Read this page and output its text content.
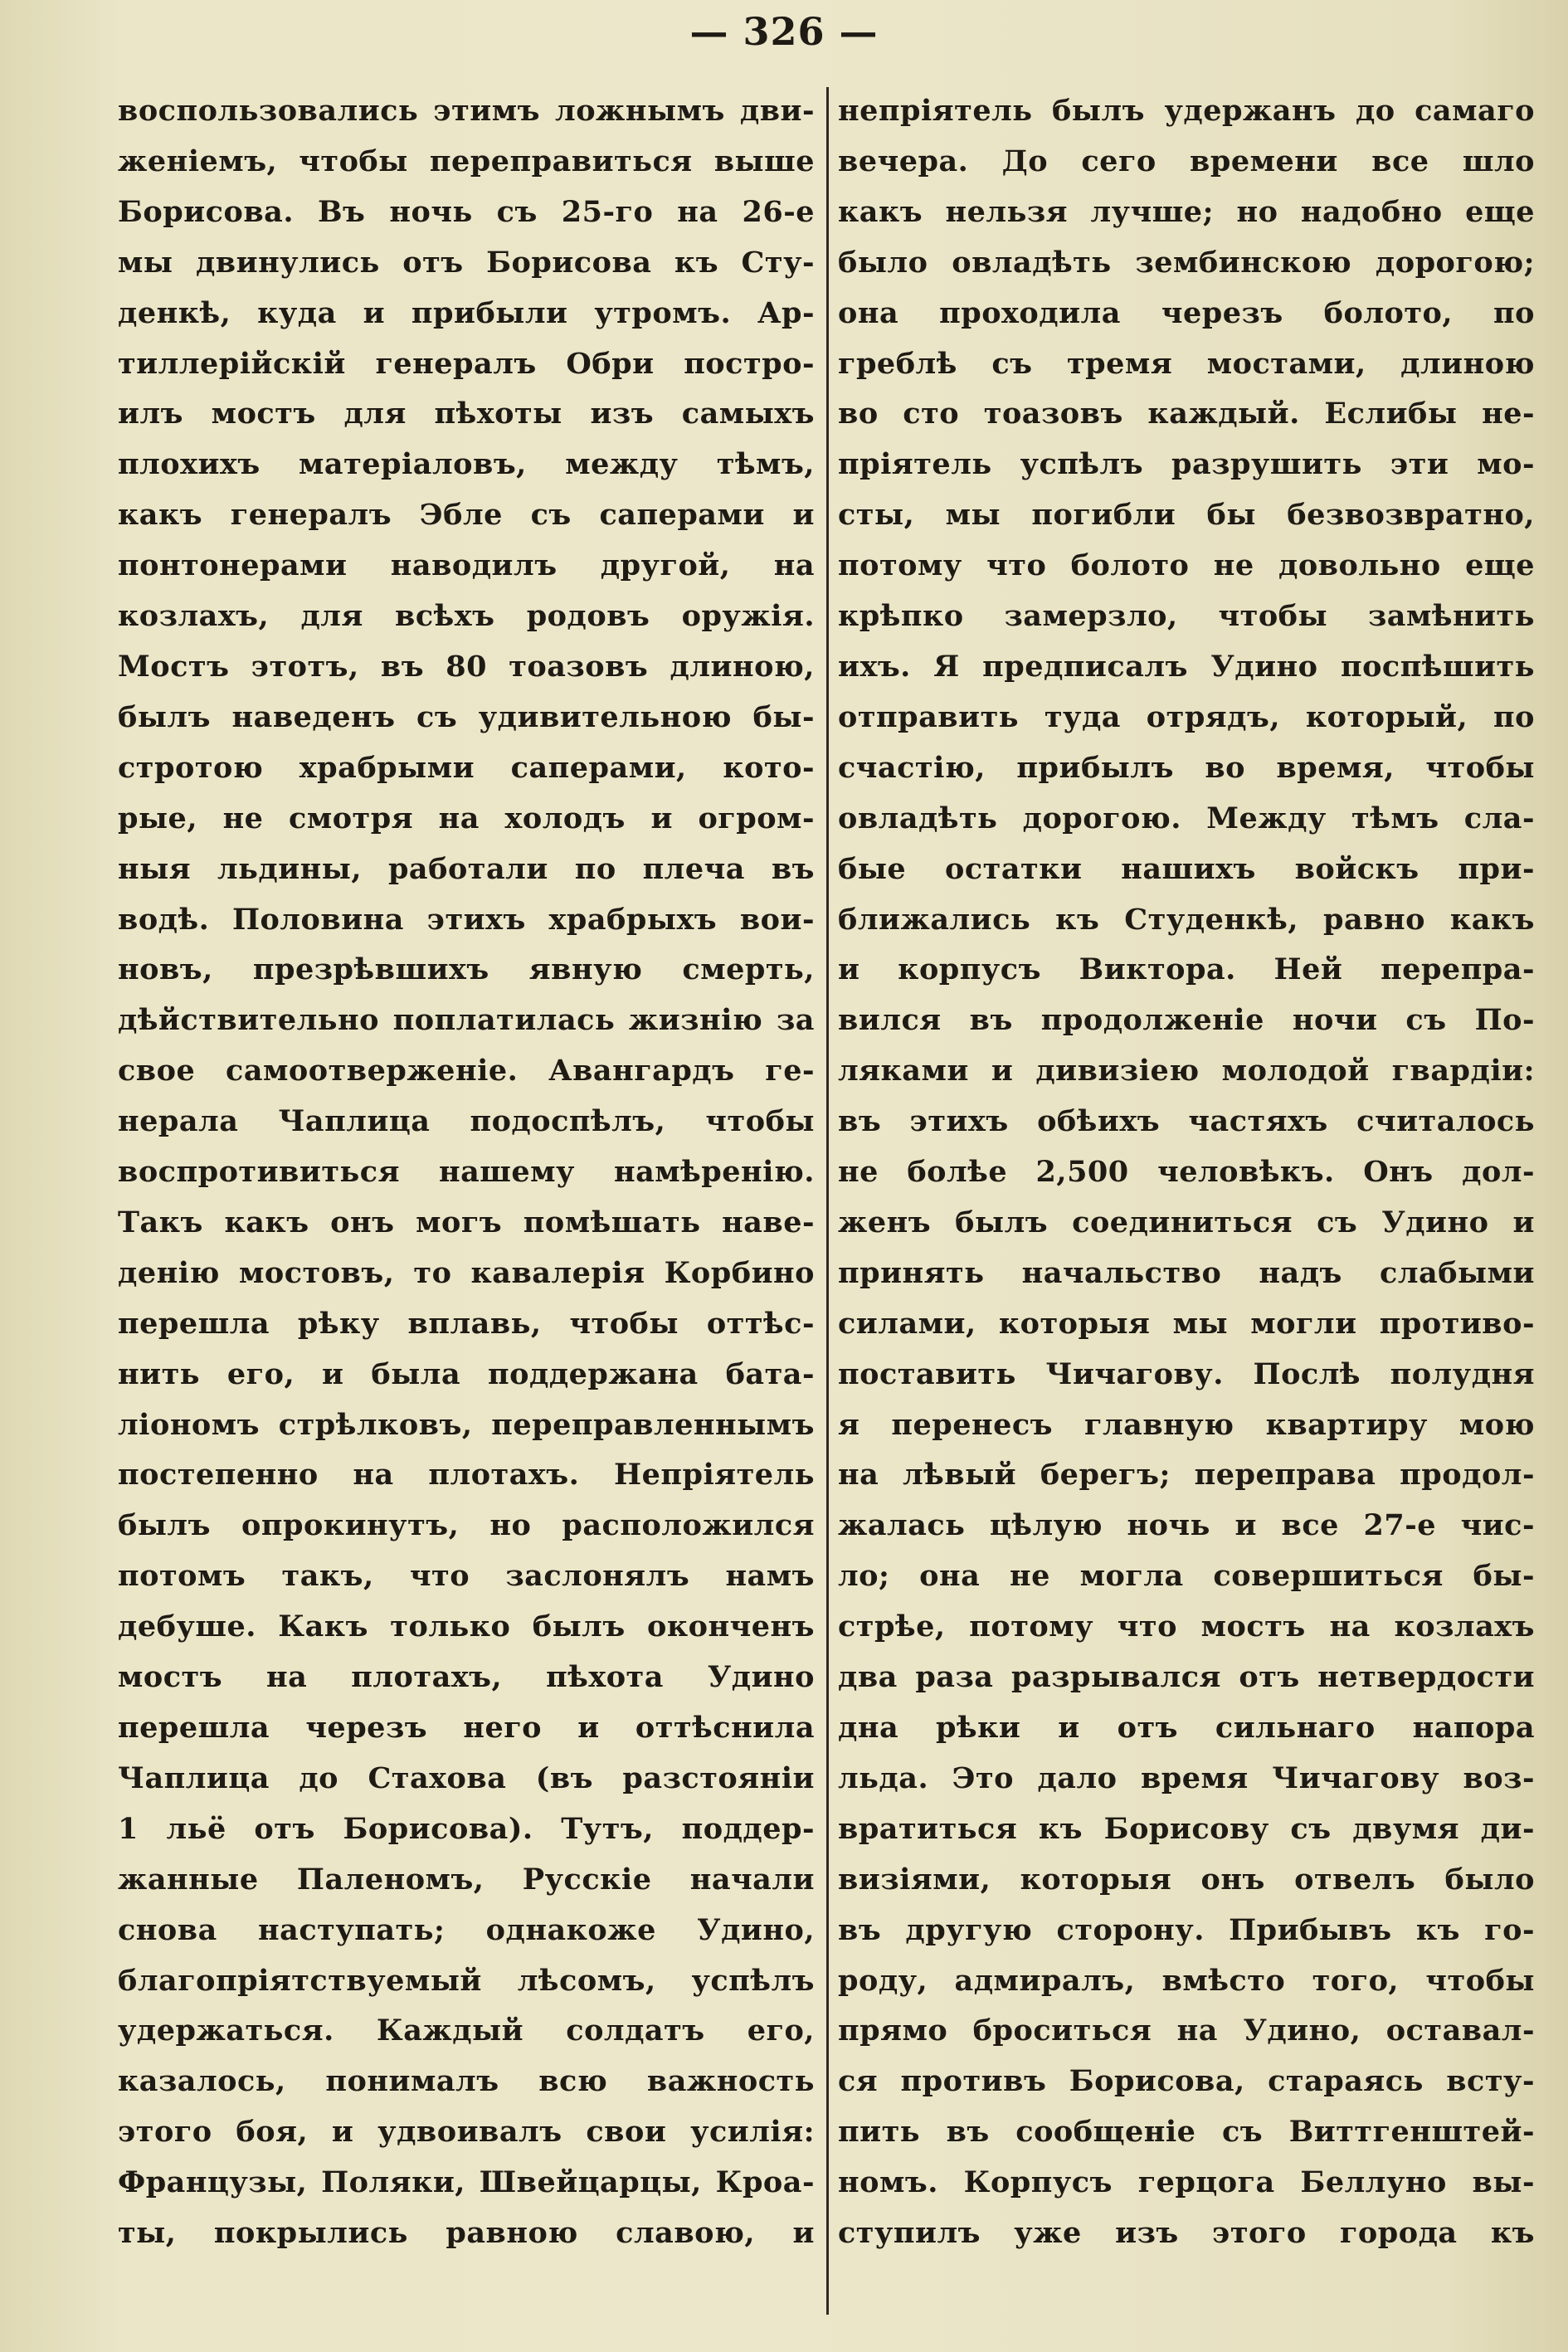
— 326 —
воспользовались этимъ ложнымъ дви-
женіемъ, чтобы переправиться выше
Борисова. Въ ночь съ 25-го на 26-е
мы двинулись отъ Борисова къ Сту-
денкѣ, куда и прибыли утромъ. Ар-
тиллерійскій генералъ Обри постро-
илъ мостъ для пѣхоты изъ самыхъ
плохихъ матеріаловъ, между тѣмъ,
какъ генералъ Эбле съ саперами и
понтонерами наводилъ другой, на
козлахъ, для всѣхъ родовъ оружія.
Мостъ этотъ, въ 80 тоазовъ длиною,
былъ наведенъ съ удивительною бы-
стротою храбрыми саперами, кото-
рые, не смотря на холодъ и огром-
ныя льдины, работали по плеча въ
водѣ. Половина этихъ храбрыхъ вои-
новъ, презрѣвшихъ явную смерть,
дѣйствительно поплатилась жизнію за
свое самоотверженіе. Авангардъ ге-
нерала Чаплица подоспѣлъ, чтобы
воспротивиться нашему намѣренію.
Такъ какъ онъ могъ помѣшать наве-
денію мостовъ, то кавалерія Корбино
перешла рѣку вплавь, чтобы оттѣс-
нить его, и была поддержана бата-
ліономъ стрѣлковъ, переправленнымъ
постепенно на плотахъ. Непріятель
былъ опрокинутъ, но расположился
потомъ такъ, что заслонялъ намъ
дебуше. Какъ только былъ оконченъ
мостъ на плотахъ, пѣхота Удино
перешла черезъ него и оттѣснила
Чаплица до Стахова (въ разстояніи
1 льё отъ Борисова). Тутъ, поддер-
жанные Паленомъ, Русскіе начали
снова наступать; однакоже Удино,
благопріятствуемый лѣсомъ, успѣлъ
удержаться. Каждый солдатъ его,
казалось, понималъ всю важность
этого боя, и удвоивалъ свои усилія:
Французы, Поляки, Швейцарцы, Кроа-
ты, покрылись равною славою, и
непріятель былъ удержанъ до самаго
вечера. До сего времени все шло
какъ нельзя лучше; но надобно еще
было овладѣть зембинскою дорогою;
она проходила черезъ болото, по
греблѣ съ тремя мостами, длиною
во сто тоазовъ каждый. Еслибы не-
пріятель успѣлъ разрушить эти мо-
сты, мы погибли бы безвозвратно,
потому что болото не довольно еще
крѣпко замерзло, чтобы замѣнить
ихъ. Я предписалъ Удино поспѣшить
отправить туда отрядъ, который, по
счастію, прибылъ во время, чтобы
овладѣть дорогою. Между тѣмъ сла-
бые остатки нашихъ войскъ при-
ближались къ Студенкѣ, равно какъ
и корпусъ Виктора. Ней перепра-
вился въ продолженіе ночи съ По-
ляками и дивизіею молодой гвардіи:
въ этихъ обѣихъ частяхъ считалось
не болѣе 2,500 человѣкъ. Онъ дол-
женъ былъ соединиться съ Удино и
принять начальство надъ слабыми
силами, которыя мы могли противо-
поставить Чичагову. Послѣ полудня
я перенесъ главную квартиру мою
на лѣвый берегъ; переправа продол-
жалась цѣлую ночь и все 27-е чис-
ло; она не могла совершиться бы-
стрѣе, потому что мостъ на козлахъ
два раза разрывался отъ нетвердости
дна рѣки и отъ сильнаго напора
льда. Это дало время Чичагову воз-
вратиться къ Борисову съ двумя ди-
визіями, которыя онъ отвелъ было
въ другую сторону. Прибывъ къ го-
роду, адмиралъ, вмѣсто того, чтобы
прямо броситься на Удино, оставал-
ся противъ Борисова, стараясь всту-
пить въ сообщеніе съ Виттгенштей-
номъ. Корпусъ герцога Беллуно вы-
ступилъ уже изъ этого города къ
